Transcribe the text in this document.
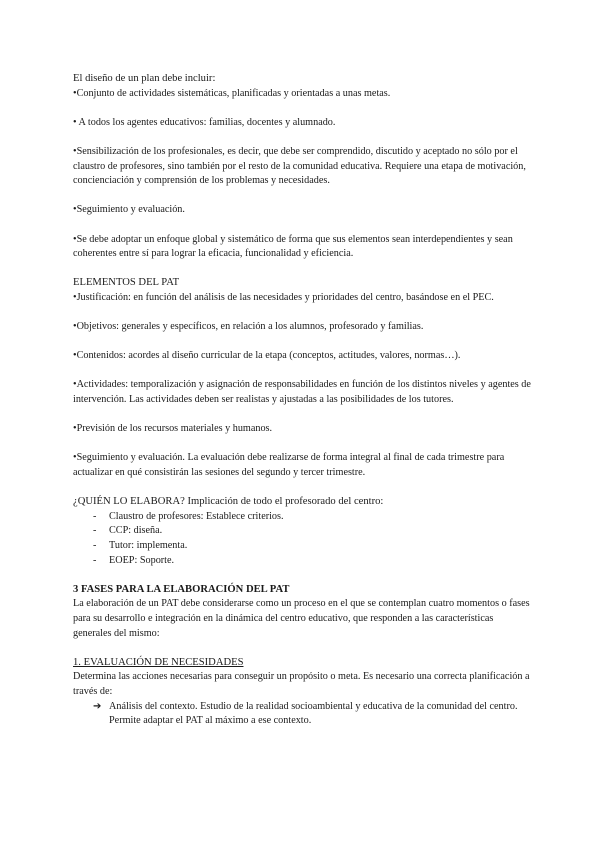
El diseño de un plan debe incluir:

•Conjunto de actividades sistemáticas, planificadas y orientadas a unas metas.

• A todos los agentes educativos: familias, docentes y alumnado.

•Sensibilización de los profesionales, es decir, que debe ser comprendido, discutido y aceptado no sólo por el claustro de profesores, sino también por el resto de la comunidad educativa. Requiere una etapa de motivación, concienciación y comprensión de los problemas y necesidades.

•Seguimiento y evaluación.

•Se debe adoptar un enfoque global y sistemático de forma que sus elementos sean interdependientes y sean coherentes entre sí para lograr la eficacia, funcionalidad y eficiencia.

ELEMENTOS DEL PAT

•Justificación: en función del análisis de las necesidades y prioridades del centro, basándose en el PEC.

•Objetivos: generales y específicos, en relación a los alumnos, profesorado y familias.

•Contenidos: acordes al diseño curricular de la etapa (conceptos, actitudes, valores, normas…).

•Actividades: temporalización y asignación de responsabilidades en función de los distintos niveles y agentes de intervención. Las actividades deben ser realistas y ajustadas a las posibilidades de los tutores.

•Previsión de los recursos materiales y humanos.

•Seguimiento y evaluación. La evaluación debe realizarse de forma integral al final de cada trimestre para actualizar en qué consistirán las sesiones del segundo y tercer trimestre.

¿QUIÉN LO ELABORA? Implicación de todo el profesorado del centro:

- Claustro de profesores: Establece criterios.
- CCP: diseña.
- Tutor: implementa.
- EOEP: Soporte.

3 FASES PARA LA ELABORACIÓN DEL PAT

La elaboración de un PAT debe considerarse como un proceso en el que se contemplan cuatro momentos o fases para su desarrollo e integración en la dinámica del centro educativo, que responden a las características generales del mismo:

1. EVALUACIÓN DE NECESIDADES

Determina las acciones necesarias para conseguir un propósito o meta. Es necesario una correcta planificación a través de:

➔ Análisis del contexto. Estudio de la realidad socioambiental y educativa de la comunidad del centro. Permite adaptar el PAT al máximo a ese contexto.
